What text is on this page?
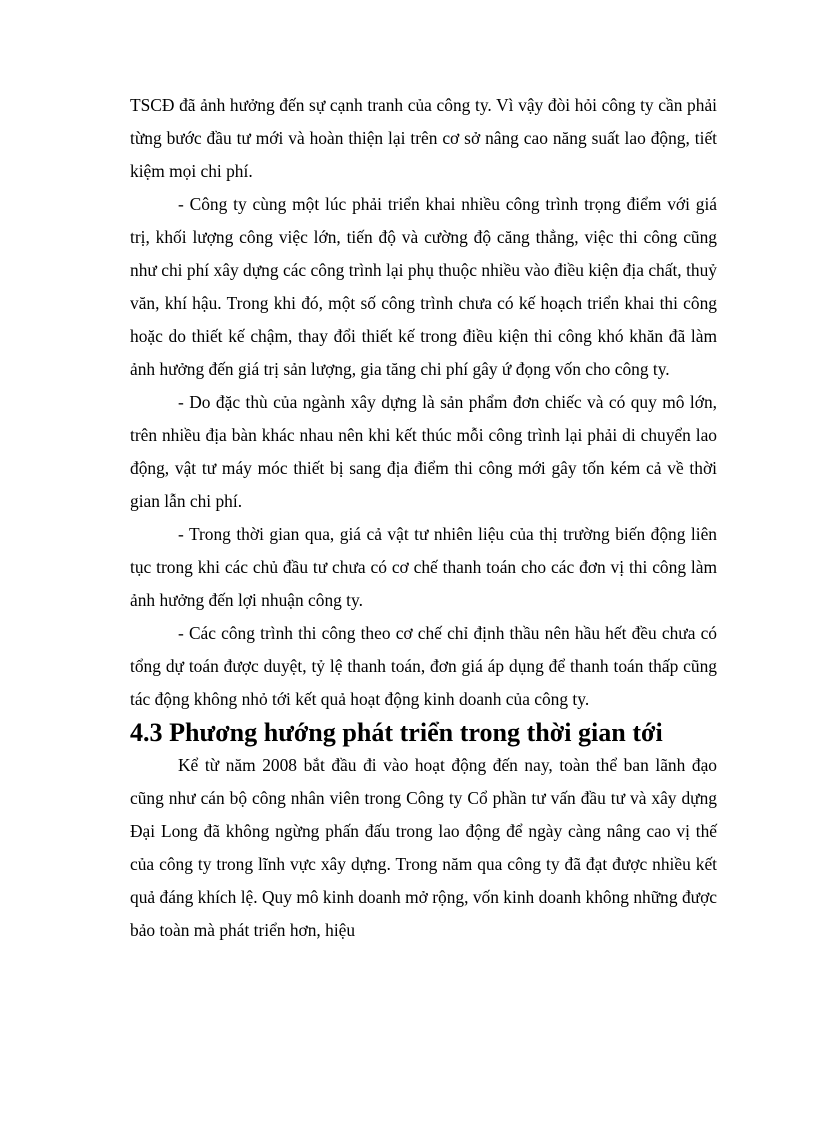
TSCĐ đã ảnh hưởng đến sự cạnh tranh của công ty. Vì vậy đòi hỏi công ty cần phải từng bước đầu tư mới và hoàn thiện lại trên cơ sở nâng cao năng suất lao động, tiết kiệm mọi chi phí.

- Công ty cùng một lúc phải triển khai nhiều công trình trọng điểm với giá trị, khối lượng công việc lớn, tiến độ và cường độ căng thẳng, việc thi công cũng như chi phí xây dựng các công trình lại phụ thuộc nhiều vào điều kiện địa chất, thuỷ văn, khí hậu. Trong khi đó, một số công trình chưa có kế hoạch triển khai thi công hoặc do thiết kế chậm, thay đổi thiết kế trong điều kiện thi công khó khăn đã làm ảnh hưởng đến giá trị sản lượng, gia tăng chi phí gây ứ đọng vốn cho công ty.

- Do đặc thù của ngành xây dựng là sản phẩm đơn chiếc và có quy mô lớn, trên nhiều địa bàn khác nhau nên khi kết thúc mỗi công trình lại phải di chuyển lao động, vật tư máy móc thiết bị sang địa điểm thi công mới gây tốn kém cả về thời gian lẫn chi phí.

- Trong thời gian qua, giá cả vật tư nhiên liệu của thị trường biến động liên tục trong khi các chủ đầu tư chưa có cơ chế thanh toán cho các đơn vị thi công làm ảnh hưởng đến lợi nhuận công ty.

- Các công trình thi công theo cơ chế chỉ định thầu nên hầu hết đều chưa có tổng dự toán được duyệt, tỷ lệ thanh toán, đơn giá áp dụng để thanh toán thấp cũng tác động không nhỏ tới kết quả hoạt động kinh doanh của công ty.

4.3 Phương hướng phát triển trong thời gian tới

Kể từ năm 2008 bắt đầu đi vào hoạt động đến nay, toàn thể ban lãnh đạo cũng như cán bộ công nhân viên trong Công ty Cổ phần tư vấn đầu tư và xây dựng Đại Long đã không ngừng phấn đấu trong lao động để ngày càng nâng cao vị thế của công ty trong lĩnh vực xây dựng. Trong năm qua công ty đã đạt được nhiều kết quả đáng khích lệ. Quy mô kinh doanh mở rộng, vốn kinh doanh không những được bảo toàn mà phát triển hơn, hiệu
